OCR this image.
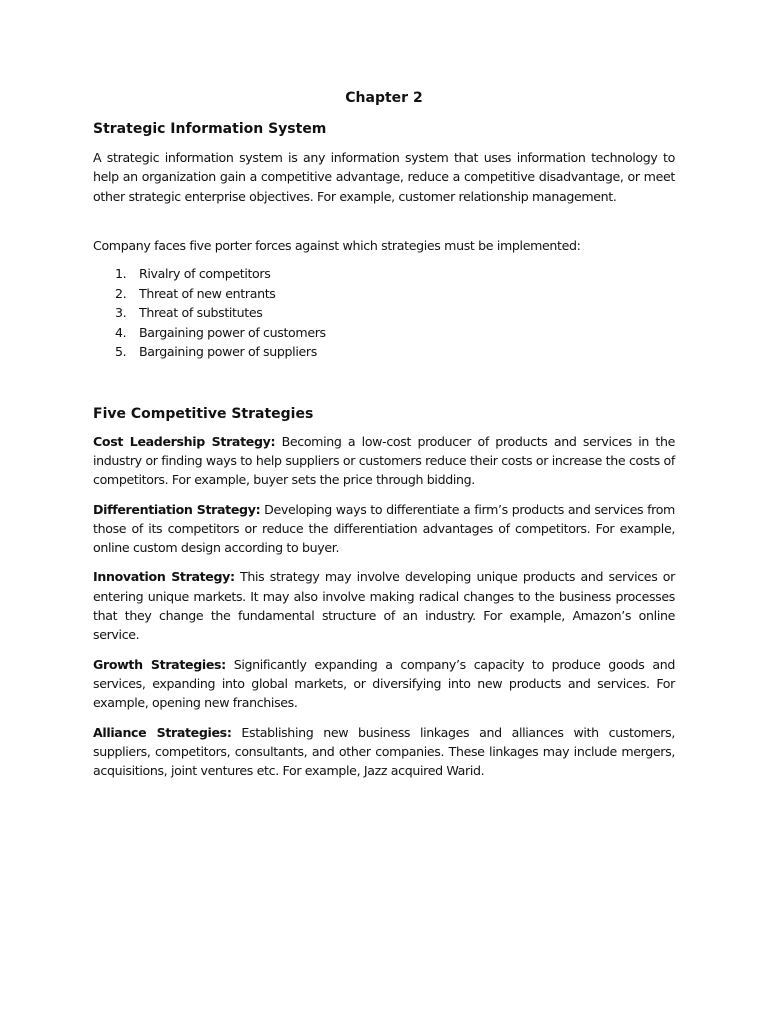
Chapter 2
Strategic Information System

A strategic information system is any information system that uses information technology to help an organization gain a competitive advantage, reduce a competitive disadvantage, or meet other strategic enterprise objectives. For example, customer relationship management.

Company faces five porter forces against which strategies must be implemented:

1. Rivalry of competitors
2. Threat of new entrants
3. Threat of substitutes
4. Bargaining power of customers
5. Bargaining power of suppliers
Five Competitive Strategies

Cost Leadership Strategy: Becoming a low-cost producer of products and services in the industry or finding ways to help suppliers or customers reduce their costs or increase the costs of competitors. For example, buyer sets the price through bidding.

Differentiation Strategy: Developing ways to differentiate a firm’s products and services from those of its competitors or reduce the differentiation advantages of competitors. For example, online custom design according to buyer.

Innovation Strategy: This strategy may involve developing unique products and services or entering unique markets. It may also involve making radical changes to the business processes that they change the fundamental structure of an industry. For example, Amazon’s online service.

Growth Strategies: Significantly expanding a company’s capacity to produce goods and services, expanding into global markets, or diversifying into new products and services. For example, opening new franchises.

Alliance Strategies: Establishing new business linkages and alliances with customers, suppliers, competitors, consultants, and other companies. These linkages may include mergers, acquisitions, joint ventures etc. For example, Jazz acquired Warid.
